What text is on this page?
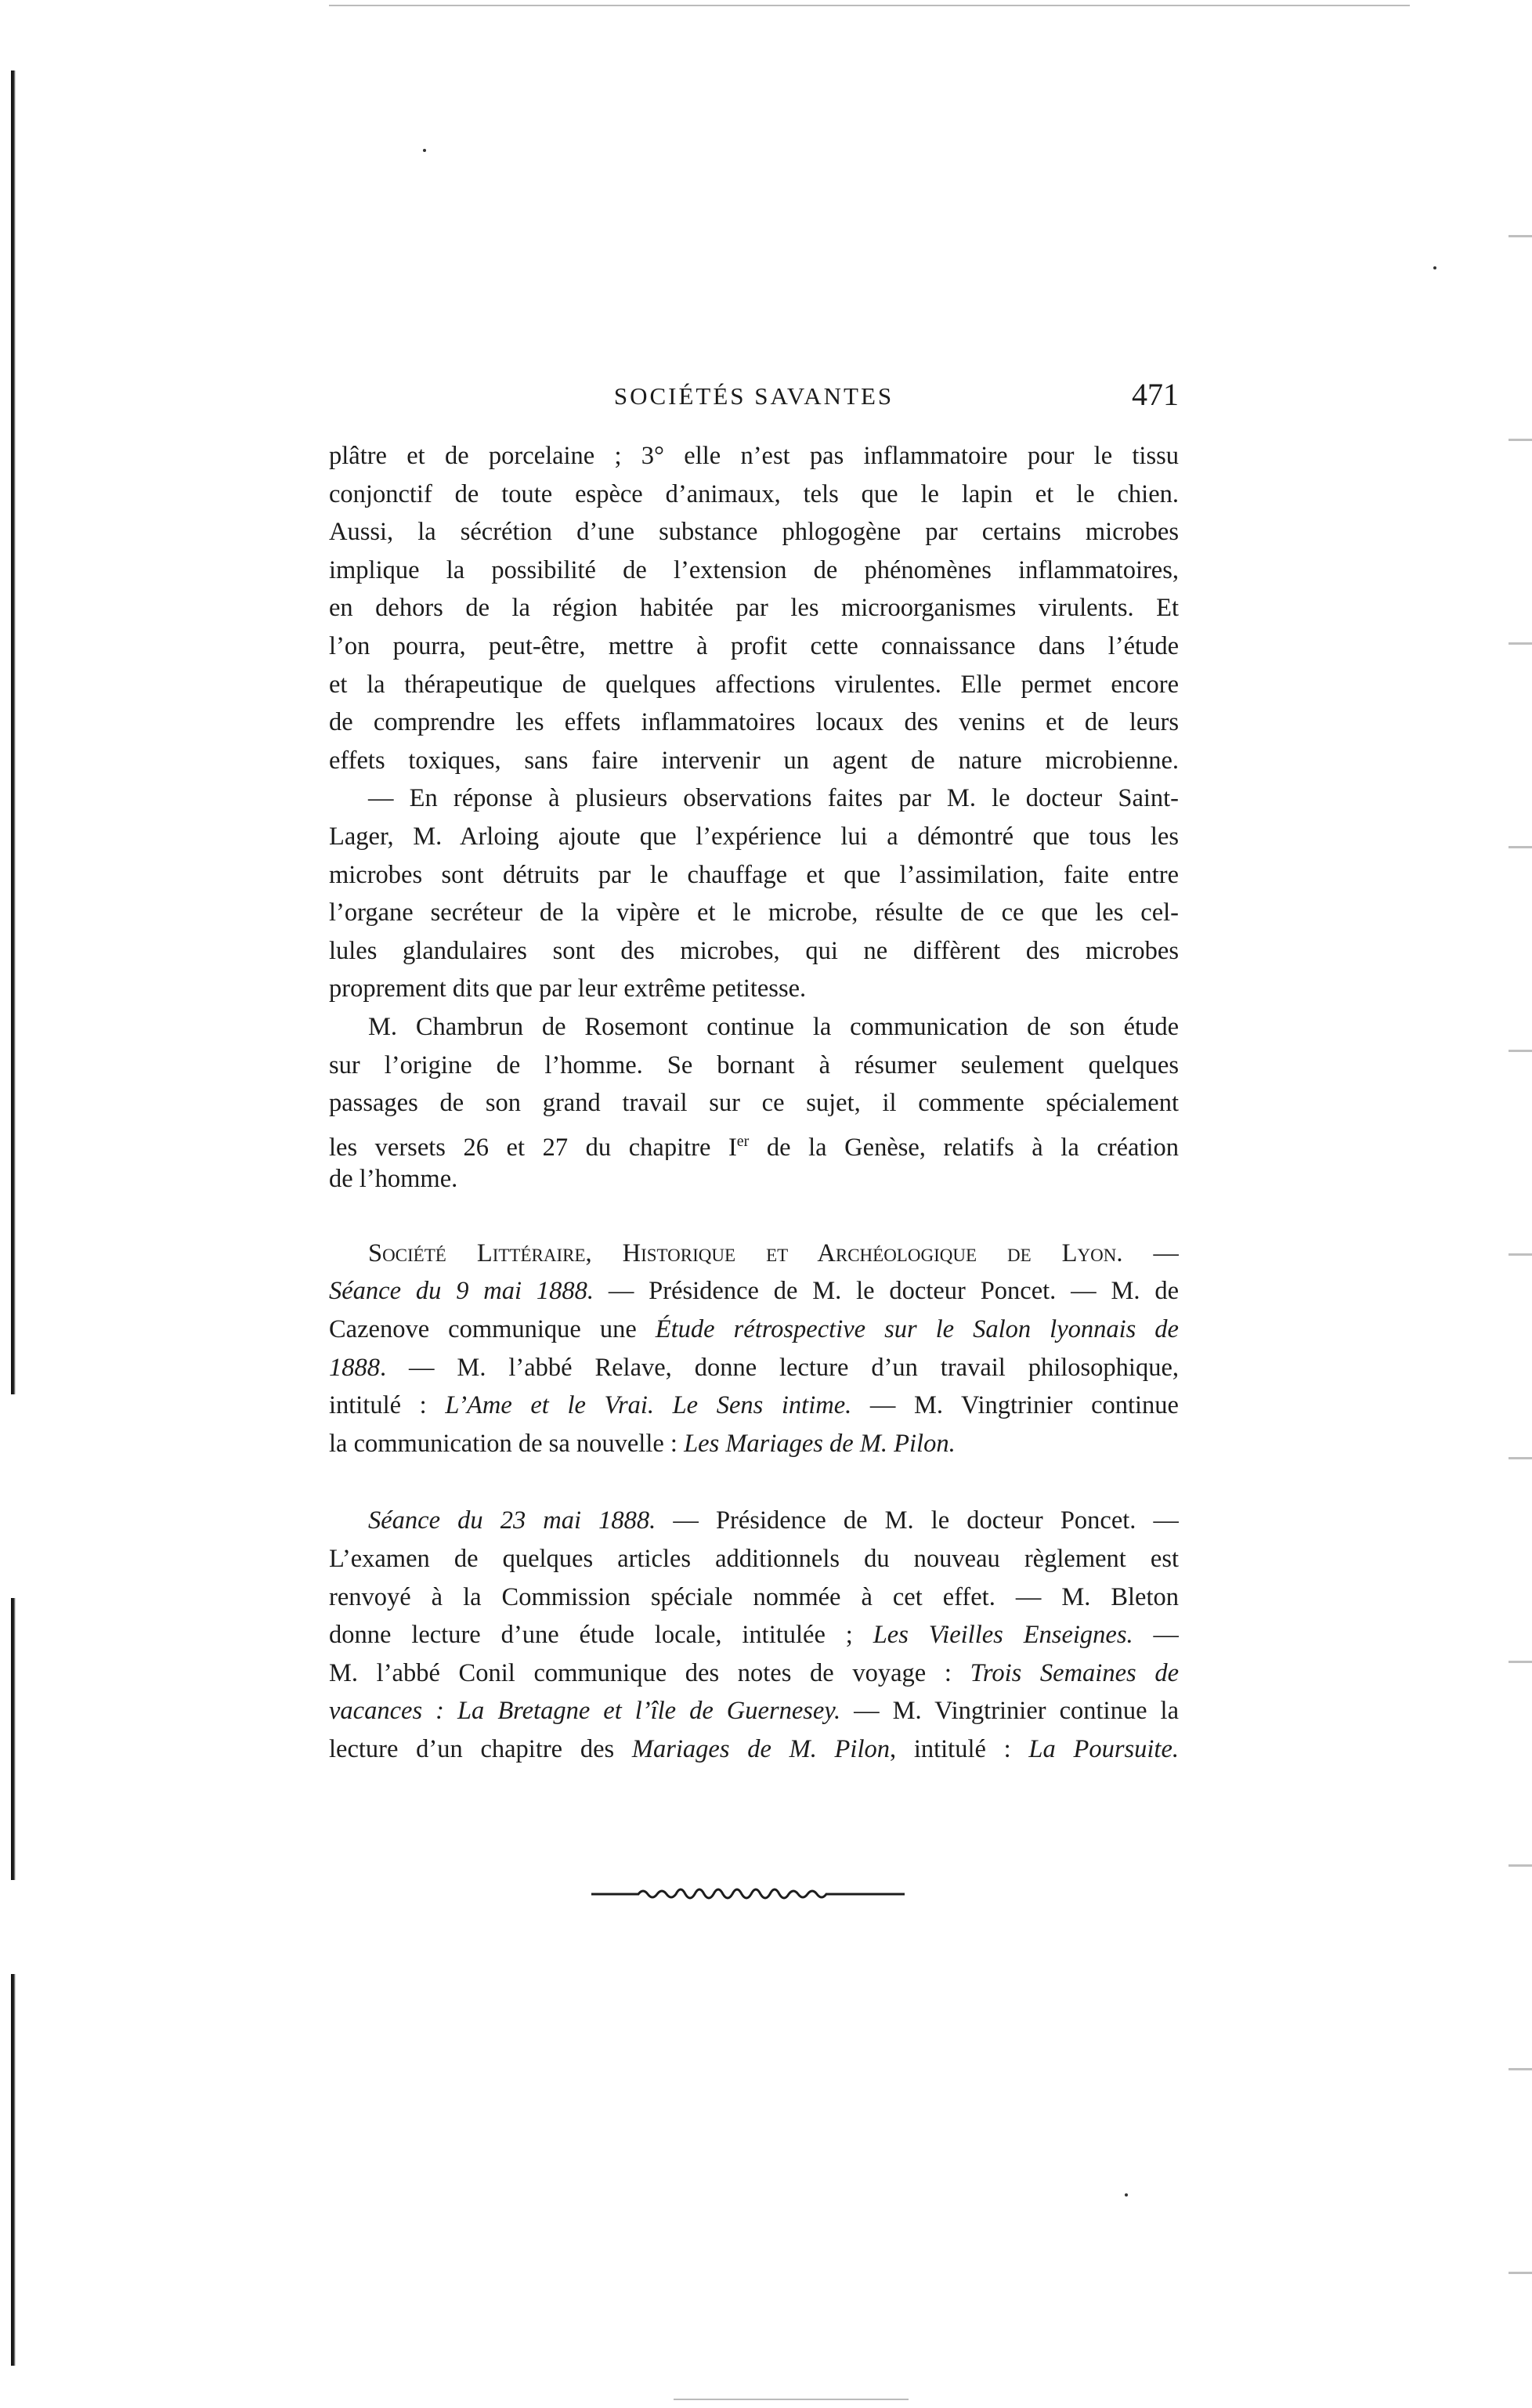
SOCIÉTÉS SAVANTES	471
plâtre et de porcelaine ; 3° elle n’est pas inflammatoire pour le tissu
conjonctif de toute espèce d’animaux, tels que le lapin et le chien.
Aussi, la sécrétion d’une substance phlogogène par certains microbes
implique la possibilité de l’extension de phénomènes inflammatoires,
en dehors de la région habitée par les microorganismes virulents. Et
l’on pourra, peut-être, mettre à profit cette connaissance dans l’étude
et la thérapeutique de quelques affections virulentes. Elle permet encore
de comprendre les effets inflammatoires locaux des venins et de leurs
effets toxiques, sans faire intervenir un agent de nature microbienne.
— En réponse à plusieurs observations faites par M. le docteur Saint-
Lager, M. Arloing ajoute que l’expérience lui a démontré que tous les
microbes sont détruits par le chauffage et que l’assimilation, faite entre
l’organe secréteur de la vipère et le microbe, résulte de ce que les cel-
lules glandulaires sont des microbes, qui ne diffèrent des microbes
proprement dits que par leur extrême petitesse.
M. Chambrun de Rosemont continue la communication de son étude
sur l’origine de l’homme. Se bornant à résumer seulement quelques
passages de son grand travail sur ce sujet, il commente spécialement
les versets 26 et 27 du chapitre Ier de la Genèse, relatifs à la création
de l’homme.
Société Littéraire, Historique et Archéologique de Lyon. —
Séance du 9 mai 1888. — Présidence de M. le docteur Poncet. — M. de
Cazenove communique une Étude rétrospective sur le Salon lyonnais de
1888. — M. l’abbé Relave, donne lecture d’un travail philosophique,
intitulé : L’Ame et le Vrai. Le Sens intime. — M. Vingtrinier continue
la communication de sa nouvelle : Les Mariages de M. Pilon.
Séance du 23 mai 1888. — Présidence de M. le docteur Poncet. —
L’examen de quelques articles additionnels du nouveau règlement est
renvoyé à la Commission spéciale nommée à cet effet. — M. Bleton
donne lecture d’une étude locale, intitulée ; Les Vieilles Enseignes. —
M. l’abbé Conil communique des notes de voyage : Trois Semaines de
vacances : La Bretagne et l’île de Guernesey. — M. Vingtrinier continue la
lecture d’un chapitre des Mariages de M. Pilon, intitulé : La Poursuite.
